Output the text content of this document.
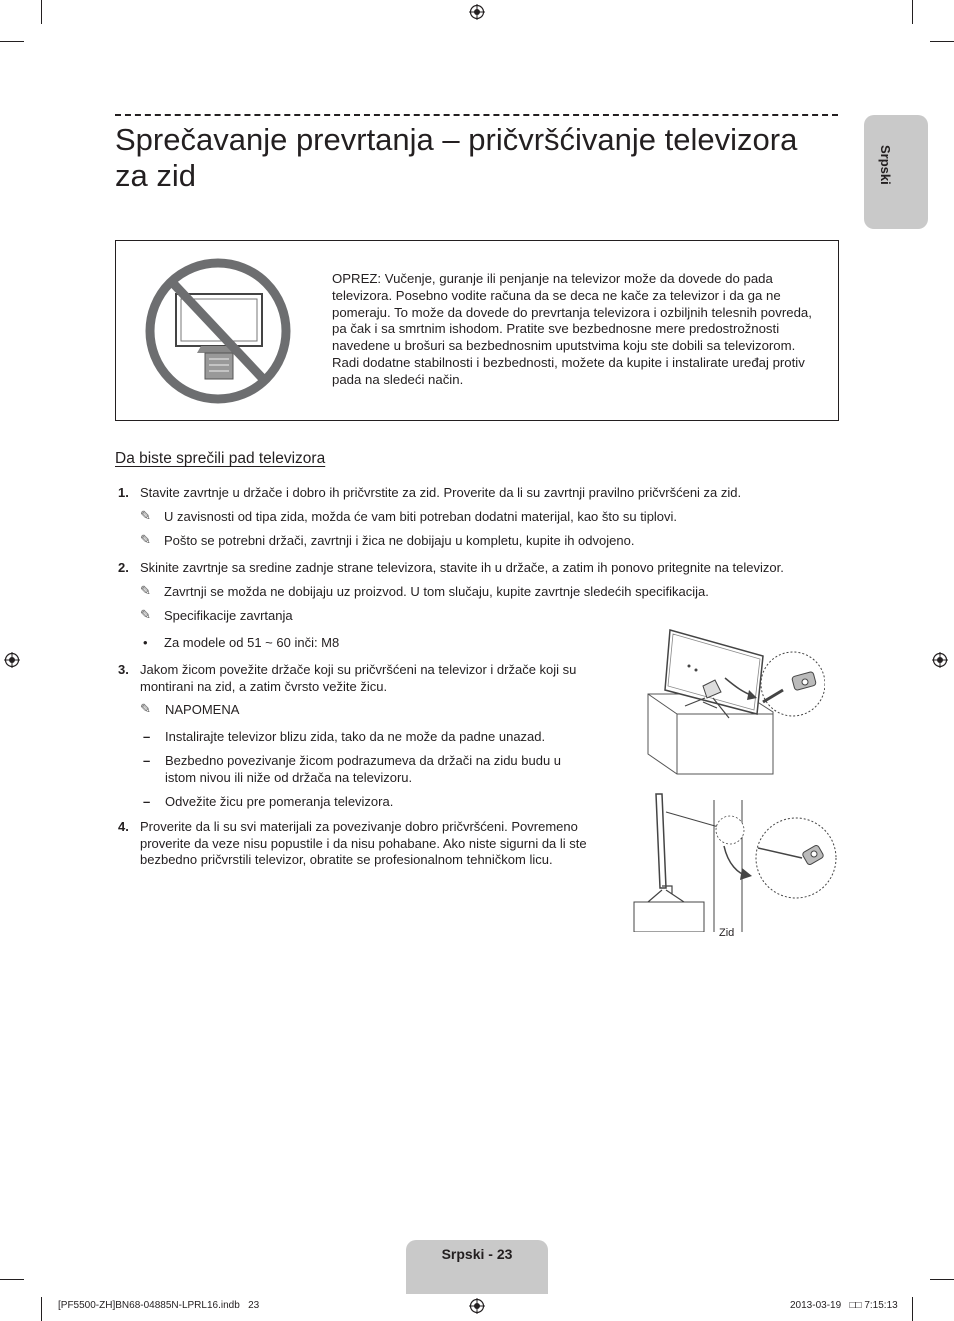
Sprečavanje prevrtanja – pričvršćivanje televizora za zid	Srpski
OPREZ: Vučenje, guranje ili penjanje na televizor može da dovede do pada televizora. Posebno vodite računa da se deca ne kače za televizor i da ga ne pomeraju. To može da dovede do prevrtanja televizora i ozbiljnih telesnih povreda, pa čak i sa smrtnim ishodom. Pratite sve bezbednosne mere predostrožnosti navedene u brošuri sa bezbednosnim uputstvima koju ste dobili sa televizorom. Radi dodatne stabilnosti i bezbednosti, možete da kupite i instalirate uređaj protiv pada na sledeći način.
Da biste sprečili pad televizora
1. Stavite zavrtnje u držače i dobro ih pričvrstite za zid. Proverite da li su zavrtnji pravilno pričvršćeni za zid.
✎ U zavisnosti od tipa zida, možda će vam biti potreban dodatni materijal, kao što su tiplovi.
✎ Pošto se potrebni držači, zavrtnji i žica ne dobijaju u kompletu, kupite ih odvojeno.
2. Skinite zavrtnje sa sredine zadnje strane televizora, stavite ih u držače, a zatim ih ponovo pritegnite na televizor.
✎ Zavrtnji se možda ne dobijaju uz proizvod. U tom slučaju, kupite zavrtnje sledećih specifikacija.
✎ Specifikacije zavrtanja
• Za modele od 51 ~ 60 inči: M8
3. Jakom žicom povežite držače koji su pričvršćeni na televizor i držače koji su montirani na zid, a zatim čvrsto vežite žicu.
✎ NAPOMENA
– Instalirajte televizor blizu zida, tako da ne može da padne unazad.
– Bezbedno povezivanje žicom podrazumeva da držači na zidu budu u istom nivou ili niže od držača na televizoru.
– Odvežite žicu pre pomeranja televizora.
4. Proverite da li su svi materijali za povezivanje dobro pričvršćeni. Povremeno proverite da veze nisu popustile i da nisu pohabane. Ako niste sigurni da li ste bezbedno pričvrstili televizor, obratite se profesionalnom tehničkom licu.
Zid
Srpski - 23
[PF5500-ZH]BN68-04885N-LPRL16.indb   23	2013-03-19   □□ 7:15:13
